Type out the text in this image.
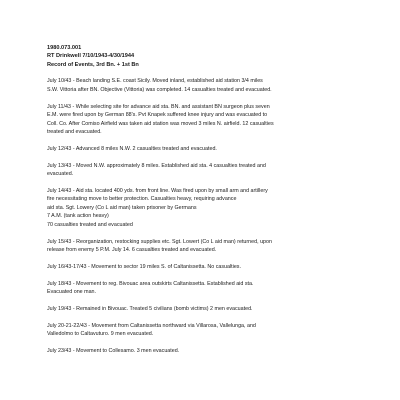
1980.073.001
RT Drinkwell 7/10/1943-4/30/1944
Record of Events, 3rd Bn. + 1st Bn
July 10/43 - Beach landing S.E. coast Sicily. Moved inland, established aid station 3/4 miles
S.W. Vittoria after BN. Objective (Vittoria) was completed. 14 casualties treated and evacuated.
July 11/43 - While selecting site for advance aid sta. BN. and assistant BN surgeon plus seven
E.M. were fired upon by German 88's. Pvt Knapek suffered knee injury and was evacuated to
Coll. Co. After Comiso Airfield was taken aid station was moved 3 miles N. airfield. 12 casualties
treated and evacuated.
July 12/43 - Advanced 8 miles N.W. 2 casualties treated and evacuated.
July 13/43 - Moved N.W. approximately 8 miles. Established aid sta. 4 casualties treated and
evacuated.
July 14/43 - Aid sta. located 400 yds. from front line. Was fired upon by small arm and artillery
fire necessitating move to better protection. Casualties heavy, requiring advance
aid sta. Sgt. Lowery (Co L aid man) taken prisoner by Germans
7 A.M. (tank action heavy)
70 casualties treated and evacuated
July 15/43 - Reorganization, restocking supplies etc. Sgt. Lowert (Co L aid man) returned, upon
release from enemy 5 P.M. July 14. 6 casualties treated and evacuated.
July 16/43-17/43 - Movement to sector 19 miles S. of Caltanissetta. No casualties.
July 18/43 - Movement to reg. Bivouac area outskirts Caltanissetta. Established aid sta.
Evacuated one man.
July 19/43 - Remained in Bivouac. Treated 5 civilians (bomb victims) 2 men evacuated.
July 20-21-22/43 - Movement from Caltanissetta northward via Villarosa, Vallelunga, and
Valledolmo to Caltavuturo. 9 men evacuated.
July 23/43 - Movement to Collesamo. 3 men evacuated.
